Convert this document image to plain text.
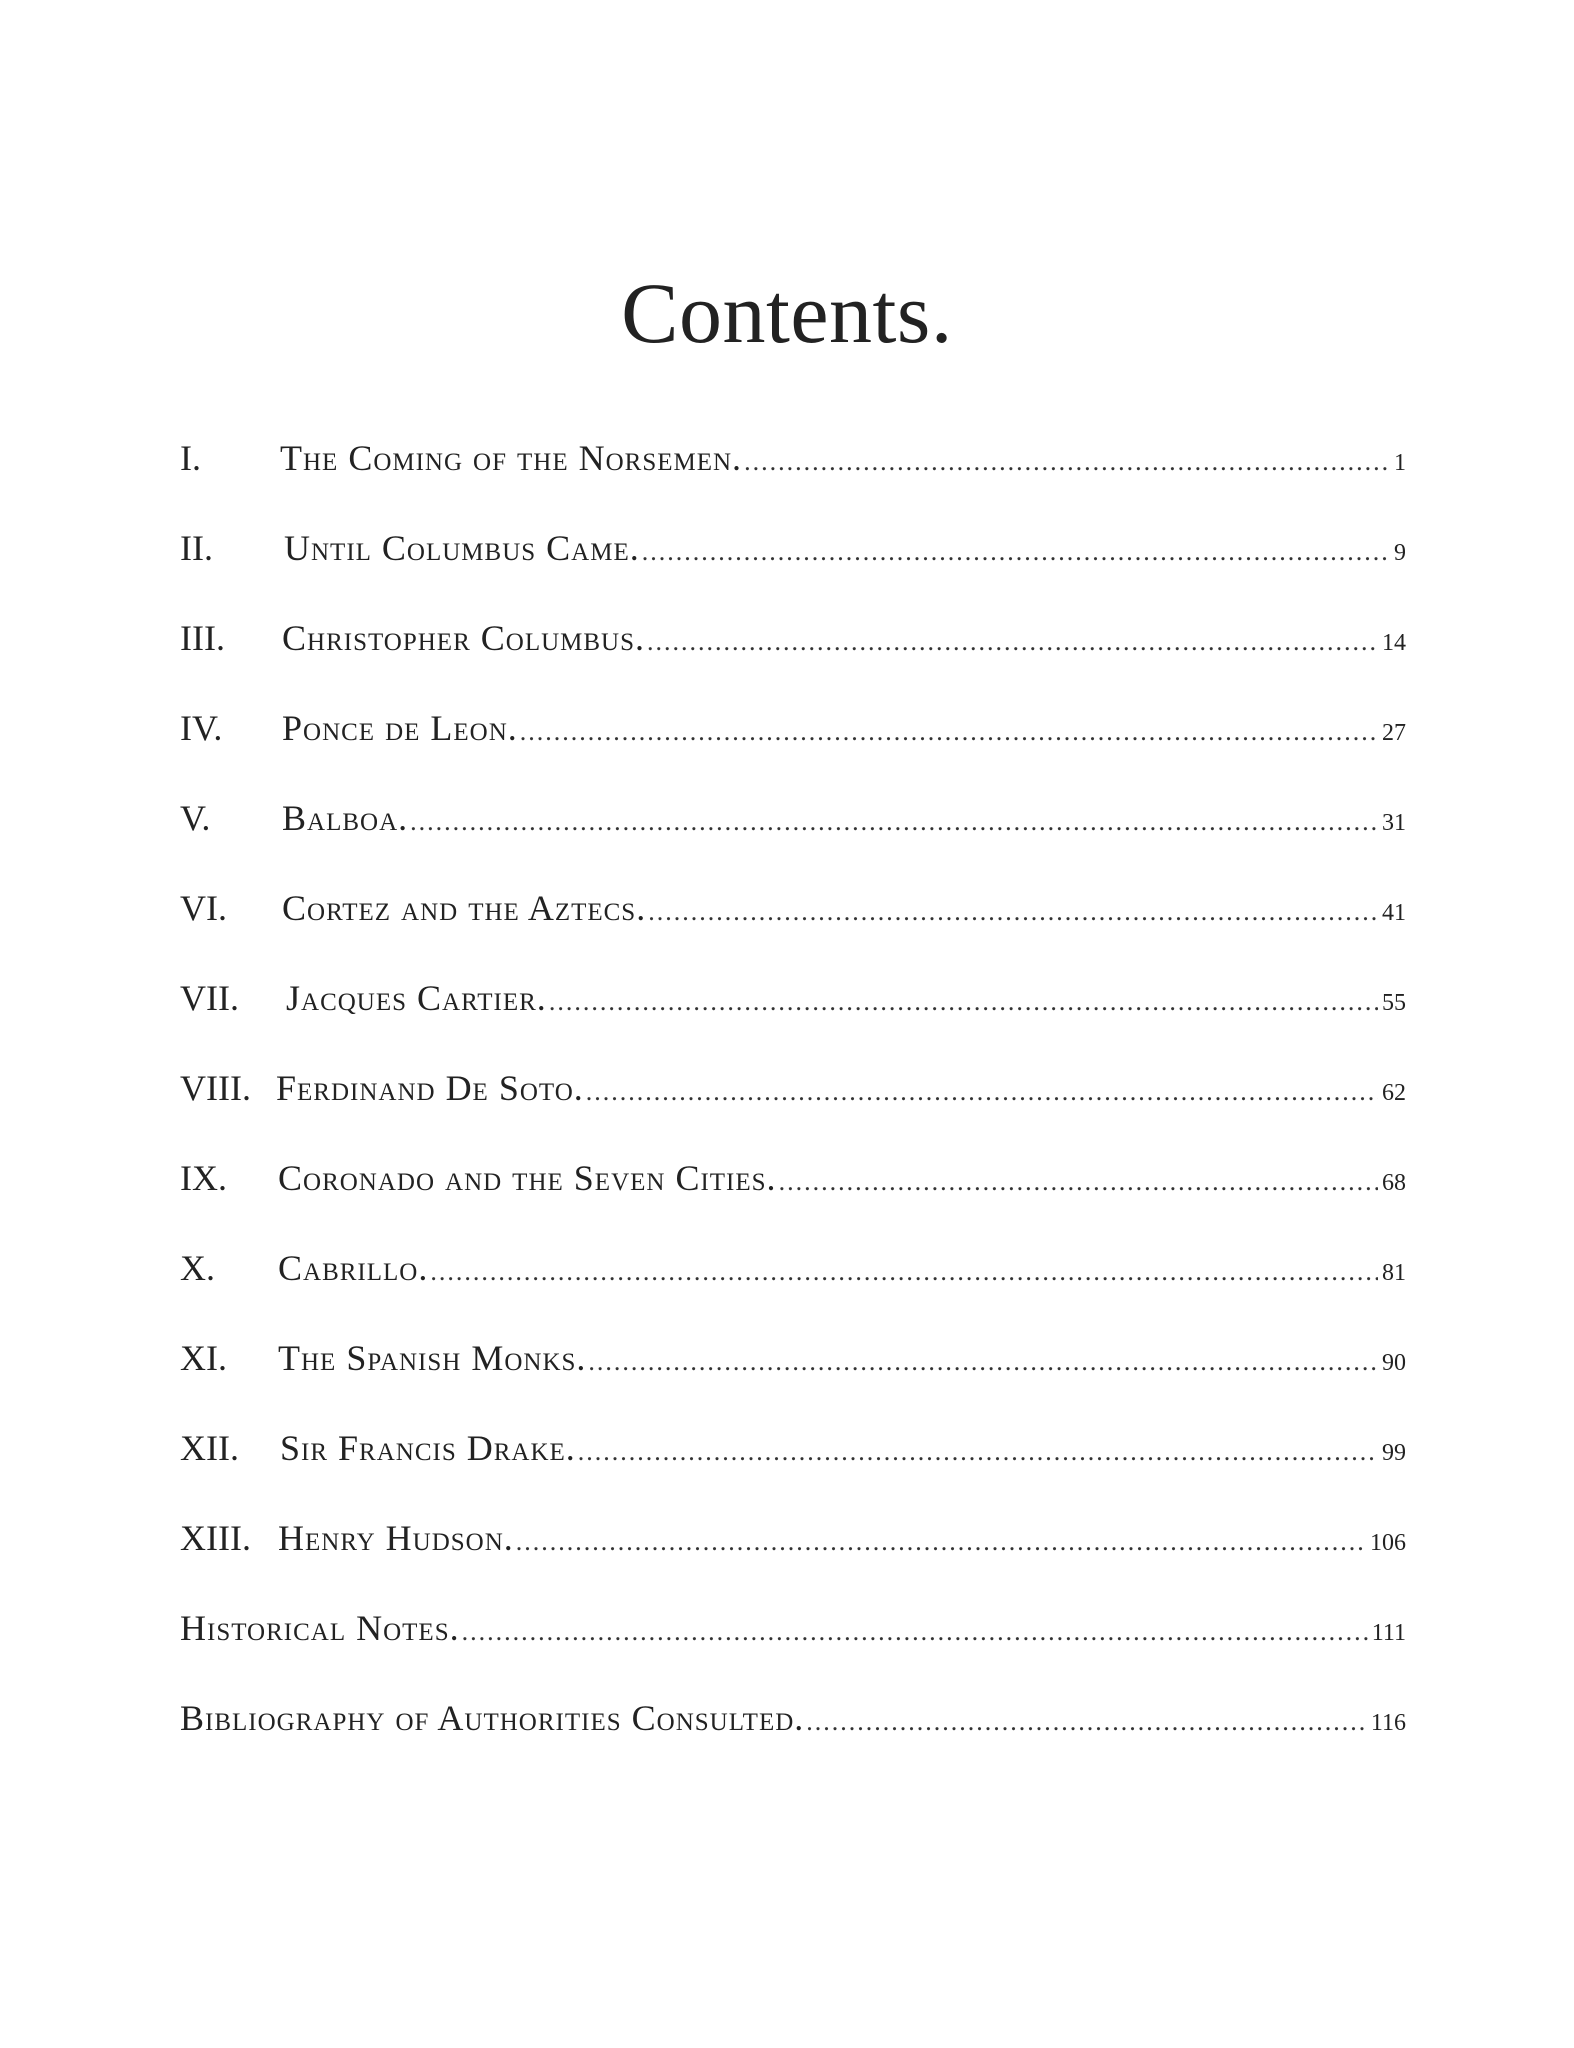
Contents.
I.	The Coming of the Norsemen. .....	1
II.	Until Columbus Came. .....	9
III.	Christopher Columbus. .....	14
IV.	Ponce de Leon. .....	27
V.	Balboa. .....	31
VI.	Cortez and the Aztecs. .....	41
VII.	Jacques Cartier. .....	55
VIII. Ferdinand De Soto. .....	62
IX.	Coronado and the Seven Cities. .....	68
X.	Cabrillo. .....	81
XI.	The Spanish Monks. .....	90
XII.	Sir Francis Drake. .....	99
XIII. Henry Hudson. .....	106
Historical Notes. .....	111
Bibliography of Authorities Consulted. .....	116
